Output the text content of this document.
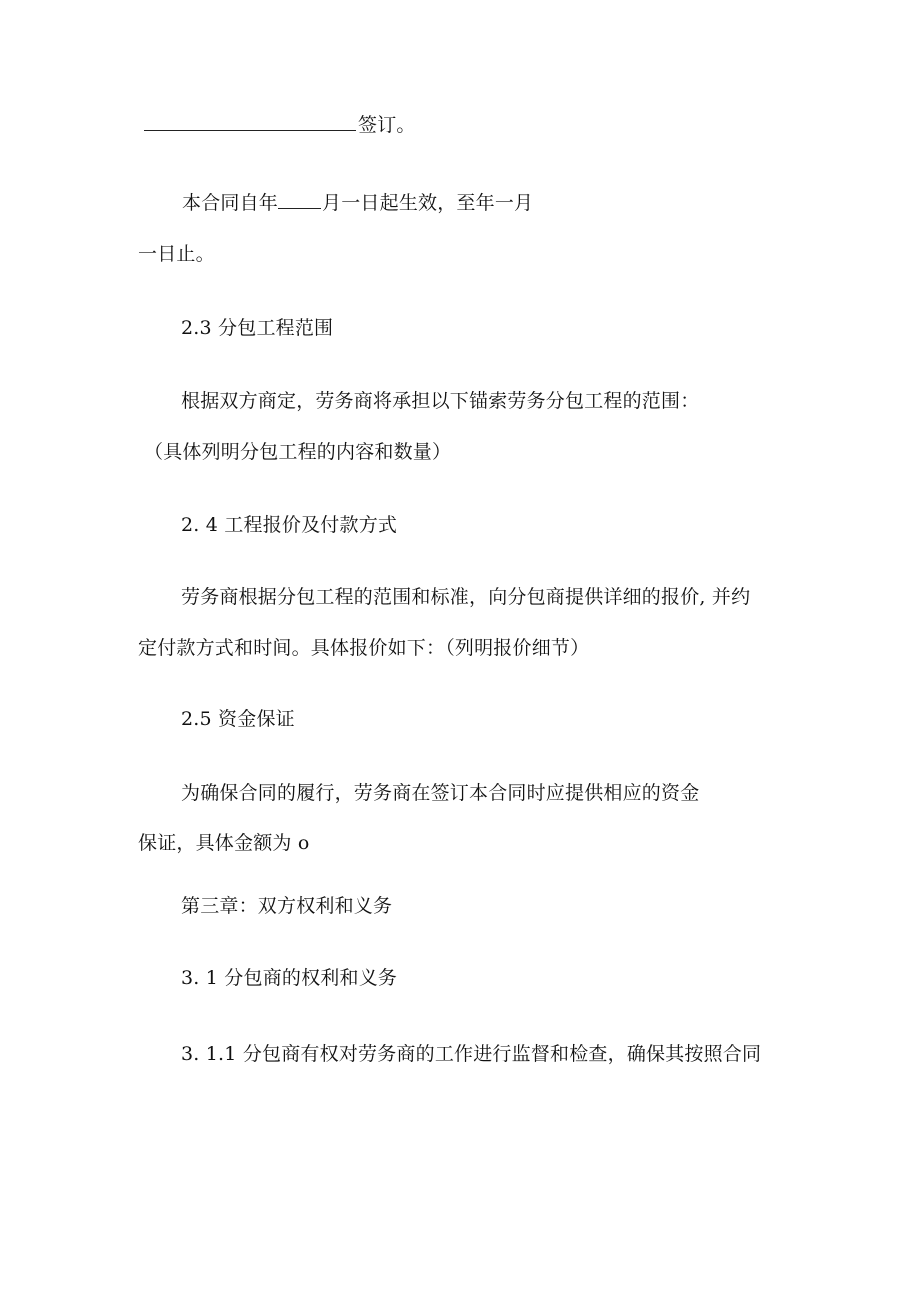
签订。

本合同自年 月一日起生效，至年一月

一日止。

2.3 分包工程范围

根据双方商定，劳务商将承担以下锚索劳务分包工程的范围：

（具体列明分包工程的内容和数量）

2. 4 工程报价及付款方式

劳务商根据分包工程的范围和标准，向分包商提供详细的报价, 并约

定付款方式和时间。具体报价如下：（列明报价细节）

2.5 资金保证

为确保合同的履行，劳务商在签订本合同时应提供相应的资金

保证，具体金额为 o

第三章：双方权利和义务

3. 1 分包商的权利和义务

3. 1.1 分包商有权对劳务商的工作进行监督和检查，确保其按照合同
